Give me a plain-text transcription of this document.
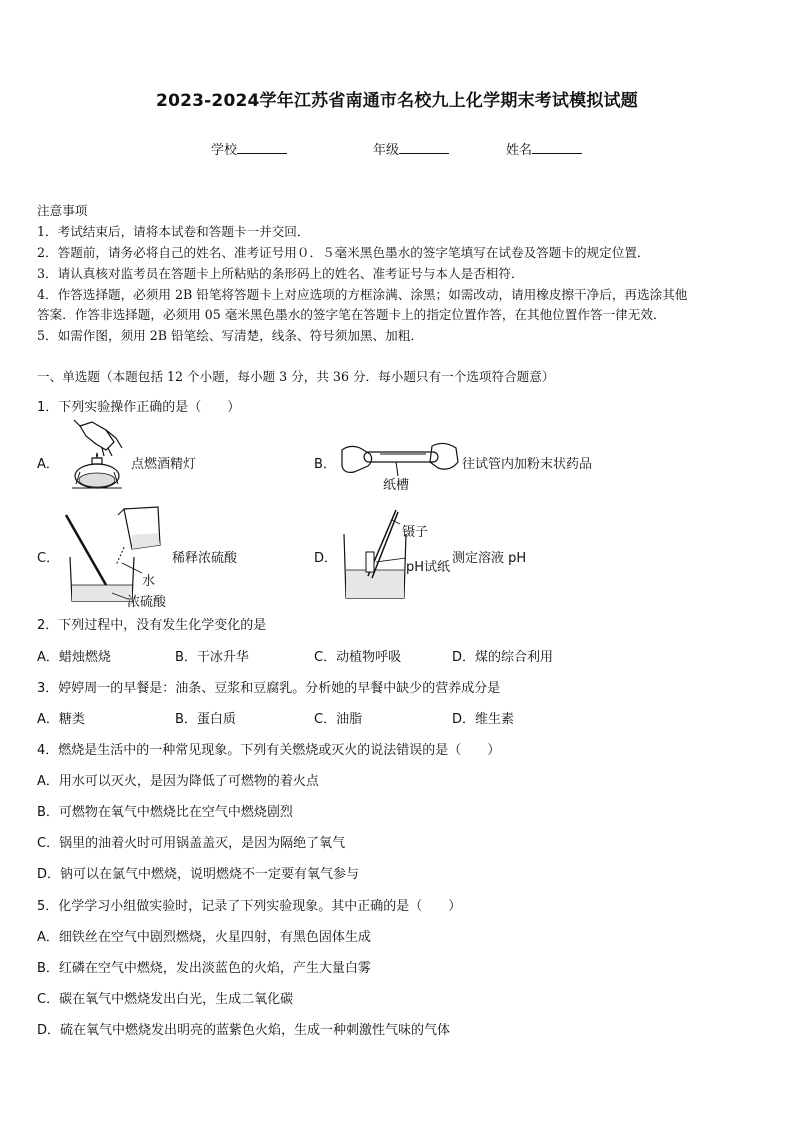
2023-2024学年江苏省南通市名校九上化学期末考试模拟试题
学校	年级	姓名
注意事项
1．考试结束后，请将本试卷和答题卡一并交回．
2．答题前，请务必将自己的姓名、准考证号用０．５毫米黑色墨水的签字笔填写在试卷及答题卡的规定位置．
3．请认真核对监考员在答题卡上所粘贴的条形码上的姓名、准考证号与本人是否相符．
4．作答选择题，必须用 2B 铅笔将答题卡上对应选项的方框涂满、涂黑；如需改动，请用橡皮擦干净后，再选涂其他
答案．作答非选择题，必须用 05 毫米黑色墨水的签字笔在答题卡上的指定位置作答，在其他位置作答一律无效．
5．如需作图，须用 2B 铅笔绘、写清楚，线条、符号须加黑、加粗．
一、单选题（本题包括 12 个小题，每小题 3 分，共 36 分．每小题只有一个选项符合题意）
1．下列实验操作正确的是（　　）
A．	点燃酒精灯	B．
纸槽
往试管内加粉末状药品
C．	稀释浓硫酸
水
浓硫酸
D．
镊子
pH试纸
测定溶液 pH
2．下列过程中，没有发生化学变化的是
A．蜡烛燃烧	B．干冰升华	C．动植物呼吸	D．煤的综合利用
3．婷婷周一的早餐是：油条、豆浆和豆腐乳。分析她的早餐中缺少的营养成分是
A．糖类	B．蛋白质	C．油脂	D．维生素
4．燃烧是生活中的一种常见现象。下列有关燃烧或灭火的说法错误的是（　　）
A．用水可以灭火，是因为降低了可燃物的着火点
B．可燃物在氧气中燃烧比在空气中燃烧剧烈
C．锅里的油着火时可用锅盖盖灭，是因为隔绝了氧气
D．钠可以在氯气中燃烧，说明燃烧不一定要有氧气参与
5．化学学习小组做实验时，记录了下列实验现象。其中正确的是（　　）
A．细铁丝在空气中剧烈燃烧，火星四射，有黑色固体生成
B．红磷在空气中燃烧，发出淡蓝色的火焰，产生大量白雾
C．碳在氧气中燃烧发出白光，生成二氧化碳
D．硫在氧气中燃烧发出明亮的蓝紫色火焰，生成一种刺激性气味的气体
